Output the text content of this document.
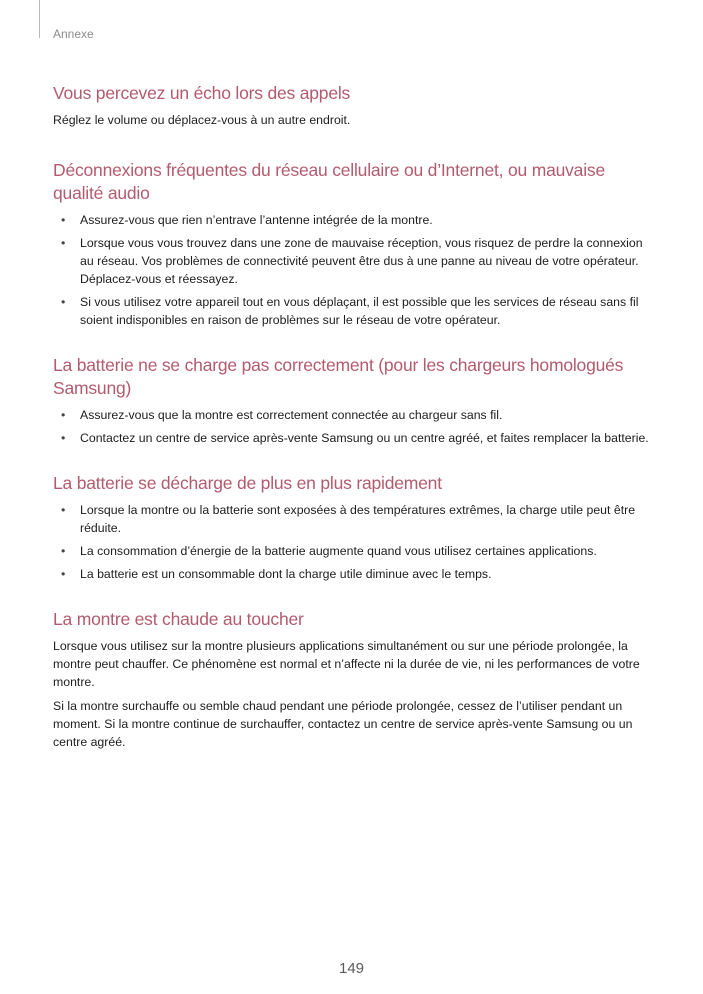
Annexe
Vous percevez un écho lors des appels

Réglez le volume ou déplacez-vous à un autre endroit.

Déconnexions fréquentes du réseau cellulaire ou d’Internet, ou mauvaise qualité audio
• Assurez-vous que rien n’entrave l’antenne intégrée de la montre.
• Lorsque vous vous trouvez dans une zone de mauvaise réception, vous risquez de perdre la connexion au réseau. Vos problèmes de connectivité peuvent être dus à une panne au niveau de votre opérateur. Déplacez-vous et réessayez.
• Si vous utilisez votre appareil tout en vous déplaçant, il est possible que les services de réseau sans fil soient indisponibles en raison de problèmes sur le réseau de votre opérateur.
La batterie ne se charge pas correctement (pour les chargeurs homologués Samsung)
• Assurez-vous que la montre est correctement connectée au chargeur sans fil.
• Contactez un centre de service après-vente Samsung ou un centre agréé, et faites remplacer la batterie.
La batterie se décharge de plus en plus rapidement
• Lorsque la montre ou la batterie sont exposées à des températures extrêmes, la charge utile peut être réduite.
• La consommation d’énergie de la batterie augmente quand vous utilisez certaines applications.
• La batterie est un consommable dont la charge utile diminue avec le temps.
La montre est chaude au toucher

Lorsque vous utilisez sur la montre plusieurs applications simultanément ou sur une période prolongée, la montre peut chauffer. Ce phénomène est normal et n’affecte ni la durée de vie, ni les performances de votre montre.

Si la montre surchauffe ou semble chaud pendant une période prolongée, cessez de l’utiliser pendant un moment. Si la montre continue de surchauffer, contactez un centre de service après-vente Samsung ou un centre agréé.

149
